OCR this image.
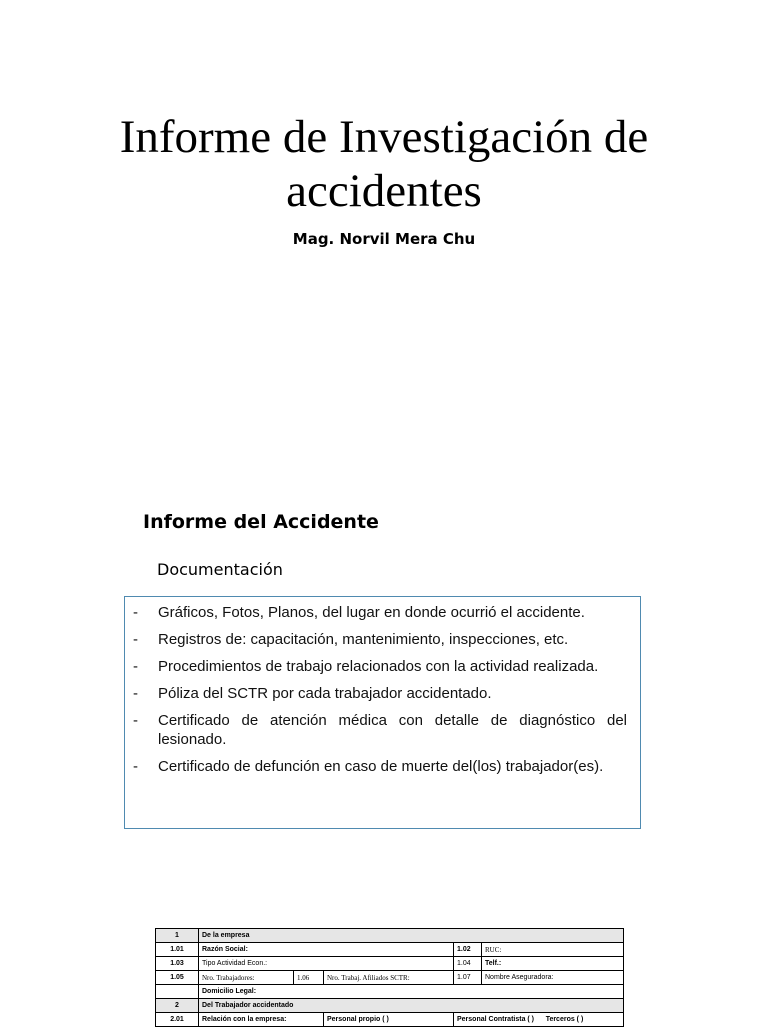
Informe de Investigación de
accidentes
Mag. Norvil Mera Chu
Informe del Accidente
Documentación
- Gráficos, Fotos, Planos, del lugar en donde ocurrió el accidente.
- Registros de: capacitación, mantenimiento, inspecciones, etc.
- Procedimientos de trabajo relacionados con la actividad realizada.
- Póliza del SCTR por cada trabajador accidentado.
- Certificado de atención médica con detalle de diagnóstico del lesionado.
- Certificado de defunción en caso de muerte del(los) trabajador(es).
1	De la empresa				
1.01	Razón Social:			1.02	RUC:
1.03	Tipo Actividad Econ.:			1.04	Telf.:
1.05	Nro. Trabajadores:	1.06	Nro. Trabaj. Afiliados SCTR:	1.07	Nombre Aseguradora:
	Domicilio Legal:				
2	Del Trabajador accidentado				
2.01	Relación con la empresa:		Personal propio ( )	Personal Contratista ( ) Terceros ( )	
